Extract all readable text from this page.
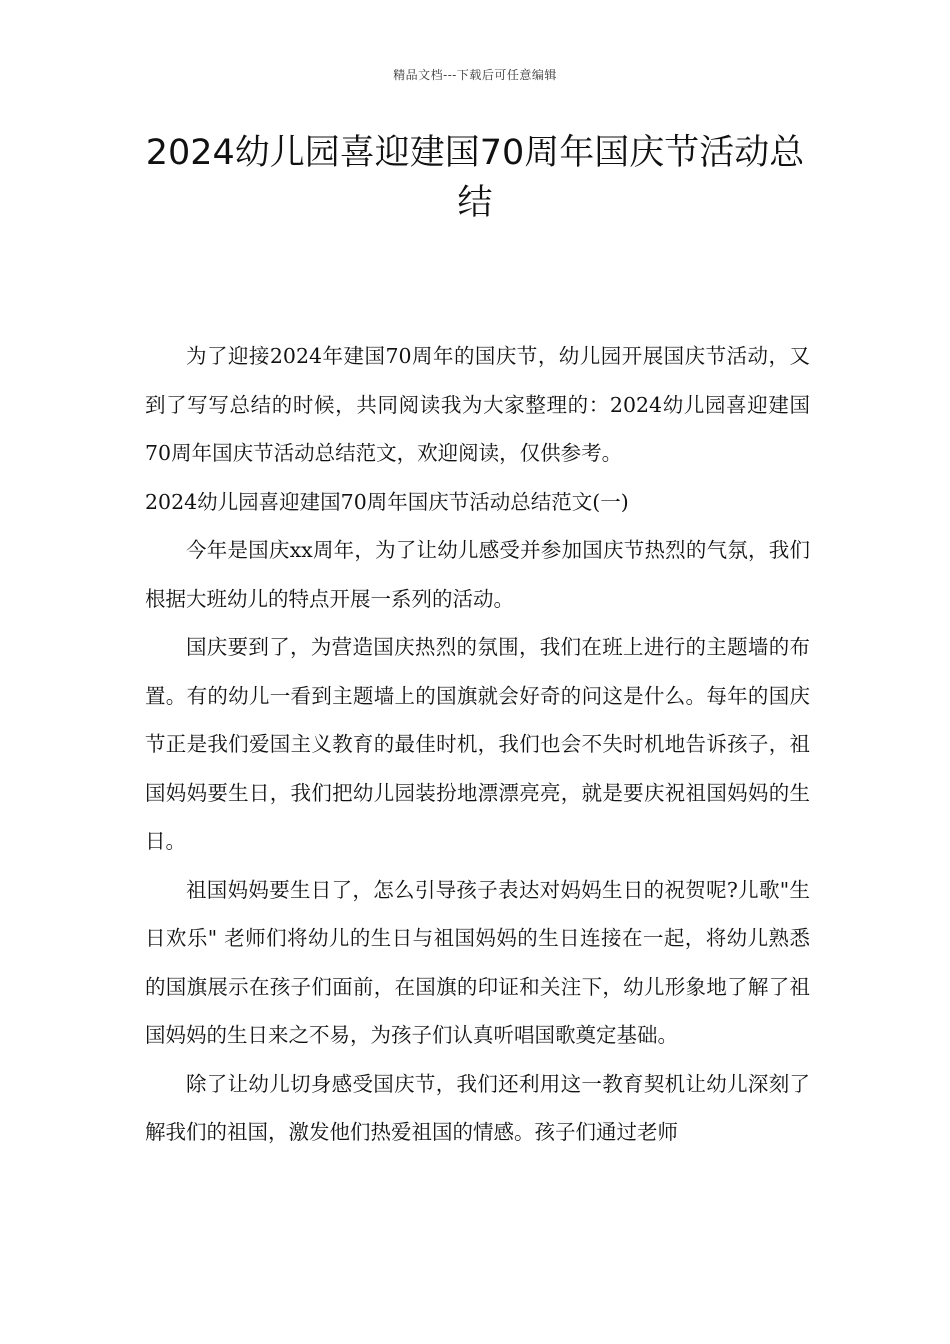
精品文档---下载后可任意编辑
2024幼儿园喜迎建国70周年国庆节活动总结

为了迎接2024年建国70周年的国庆节，幼儿园开展国庆节活动，又到了写写总结的时候，共同阅读我为大家整理的：2024幼儿园喜迎建国70周年国庆节活动总结范文，欢迎阅读，仅供参考。

2024幼儿园喜迎建国70周年国庆节活动总结范文(一)

今年是国庆xx周年，为了让幼儿感受并参加国庆节热烈的气氛，我们根据大班幼儿的特点开展一系列的活动。

国庆要到了，为营造国庆热烈的氛围，我们在班上进行的主题墙的布置。有的幼儿一看到主题墙上的国旗就会好奇的问这是什么。每年的国庆节正是我们爱国主义教育的最佳时机，我们也会不失时机地告诉孩子，祖国妈妈要生日，我们把幼儿园装扮地漂漂亮亮，就是要庆祝祖国妈妈的生日。

祖国妈妈要生日了，怎么引导孩子表达对妈妈生日的祝贺呢?儿歌"生日欢乐" 老师们将幼儿的生日与祖国妈妈的生日连接在一起，将幼儿熟悉的国旗展示在孩子们面前，在国旗的印证和关注下，幼儿形象地了解了祖国妈妈的生日来之不易，为孩子们认真听唱国歌奠定基础。

除了让幼儿切身感受国庆节，我们还利用这一教育契机让幼儿深刻了解我们的祖国，激发他们热爱祖国的情感。孩子们通过老师
